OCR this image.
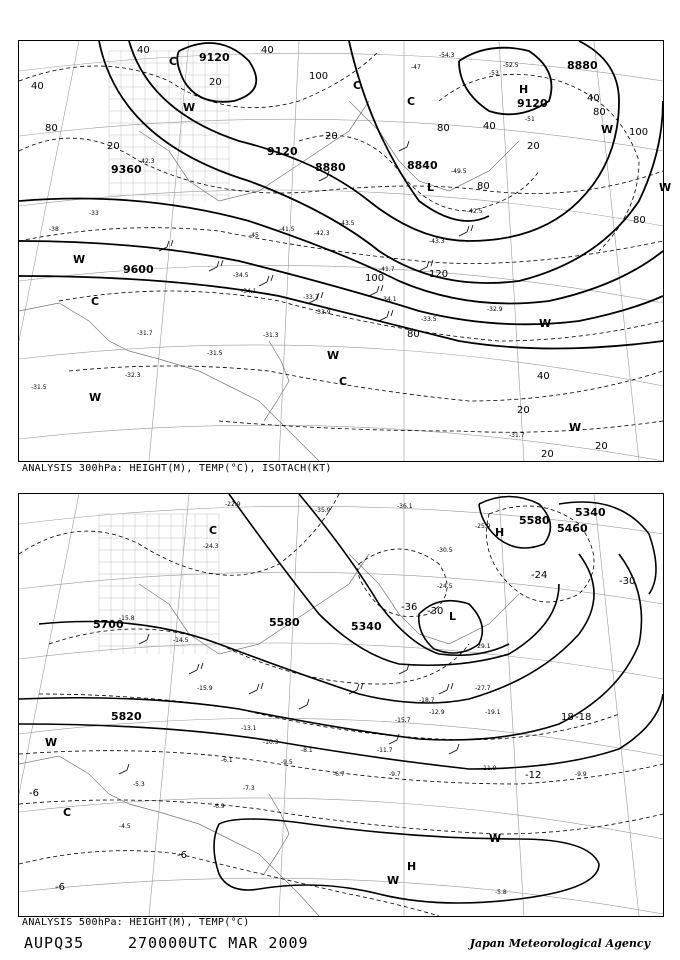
9120
9120
9120
8880
9360	8880	8840
9600
40	40
20
40
80
20
100
20
80
80
100
40
20
120
100
80
40
20
20
40
20
80
80
-42.3
-45
-43.5
-41.5
-42.3
-34.5
-34.1
-33.7
-33.9	-32.9
-31.3
-31.5
-31.7
-34.1
-33.5
-41.7
-43.3
-42.5
-38
-33
-31.7
-32.3
-31.5
-54.3
-53
-52.5
-51
-47
-49.5
H
L
W
W
W
W
W
W
C
C
C
C
C
W
W
ANALYSIS 300hPa: HEIGHT(M), TEMP(°C), ISOTACH(KT)
5580
5340
5700
5820
5580
5340
5460
-36 -30
-30
-24
-18
-12
-6
-6
-6
18
-24.3
-22.9
-15.8
-14.5
-15.9
-30.5
-25.9
-24.5
-29.1
-27.7
-19.1
-18.7
-15.7
-12.9
-11.7
-11.9
-9.7	-9.9
-8.1
-6.7
-7.3
-6.1
-5.3
-4.5
-6.9
-5.8
-35.9
-36.1
-13.1
-10.3
-9.5
H
H
L
C
C
W
W
W
ANALYSIS 500hPa: HEIGHT(M), TEMP(°C)
AUPQ35	270000UTC MAR 2009	Japan Meteorological Agency
